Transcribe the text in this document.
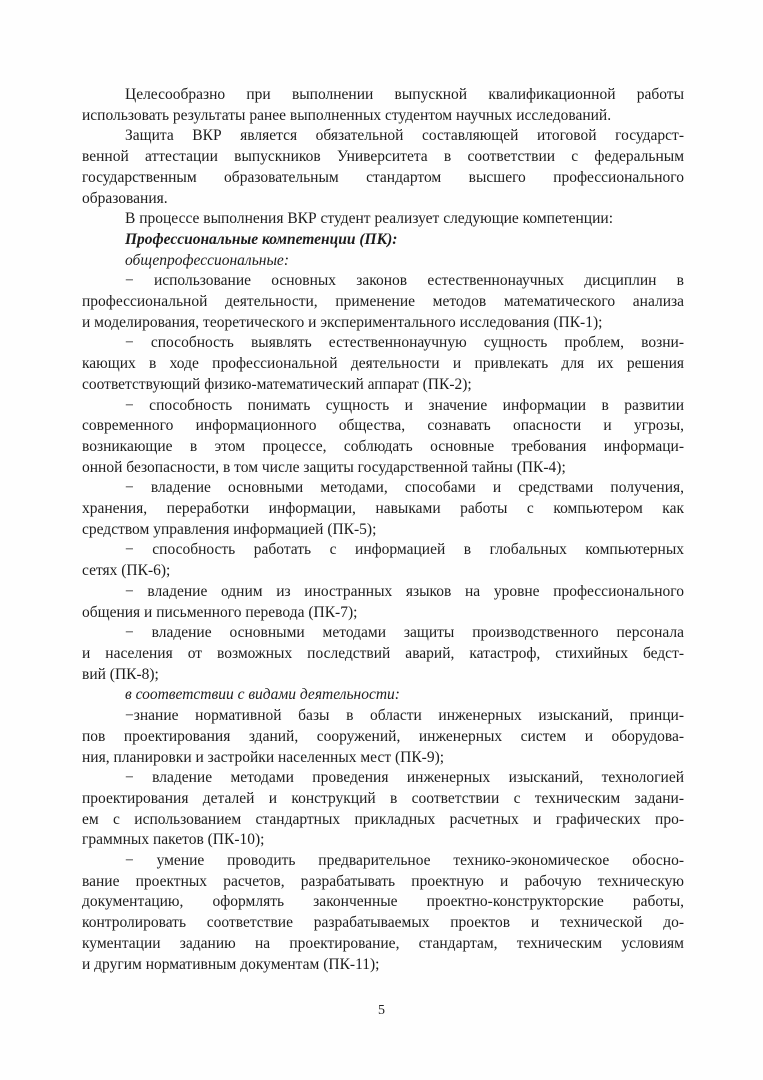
Целесообразно при выполнении выпускной квалификационной работы
использовать результаты ранее выполненных студентом научных исследований.
Защита ВКР является обязательной составляющей итоговой государст-
венной аттестации выпускников Университета в соответствии с федеральным
государственным образовательным стандартом высшего профессионального
образования.
В процессе выполнения ВКР студент реализует следующие компетенции:
Профессиональные компетенции (ПК):
общепрофессиональные:
− использование основных законов естественнонаучных дисциплин в
профессиональной деятельности, применение методов математического анализа
и моделирования, теоретического и экспериментального исследования (ПК-1);
− способность выявлять естественнонаучную сущность проблем, возни-
кающих в ходе профессиональной деятельности и привлекать для их решения
соответствующий физико-математический аппарат (ПК-2);
− способность понимать сущность и значение информации в развитии
современного информационного общества, сознавать опасности и угрозы,
возникающие в этом процессе, соблюдать основные требования информаци-
онной безопасности, в том числе защиты государственной тайны (ПК-4);
− владение основными методами, способами и средствами получения,
хранения, переработки информации, навыками работы с компьютером как
средством управления информацией (ПК-5);
− способность работать с информацией в глобальных компьютерных
сетях (ПК-6);
− владение одним из иностранных языков на уровне профессионального
общения и письменного перевода (ПК-7);
− владение основными методами защиты производственного персонала
и населения от возможных последствий аварий, катастроф, стихийных бедст-
вий (ПК-8);
в соответствии с видами деятельности:
−знание нормативной базы в области инженерных изысканий, принци-
пов проектирования зданий, сооружений, инженерных систем и оборудова-
ния, планировки и застройки населенных мест (ПК-9);
− владение методами проведения инженерных изысканий, технологией
проектирования деталей и конструкций в соответствии с техническим задани-
ем с использованием стандартных прикладных расчетных и графических про-
граммных пакетов (ПК-10);
− умение проводить предварительное технико-экономическое обосно-
вание проектных расчетов, разрабатывать проектную и рабочую техническую
документацию, оформлять законченные проектно-конструкторские работы,
контролировать соответствие разрабатываемых проектов и технической до-
кументации заданию на проектирование, стандартам, техническим условиям
и другим нормативным документам (ПК-11);
5
